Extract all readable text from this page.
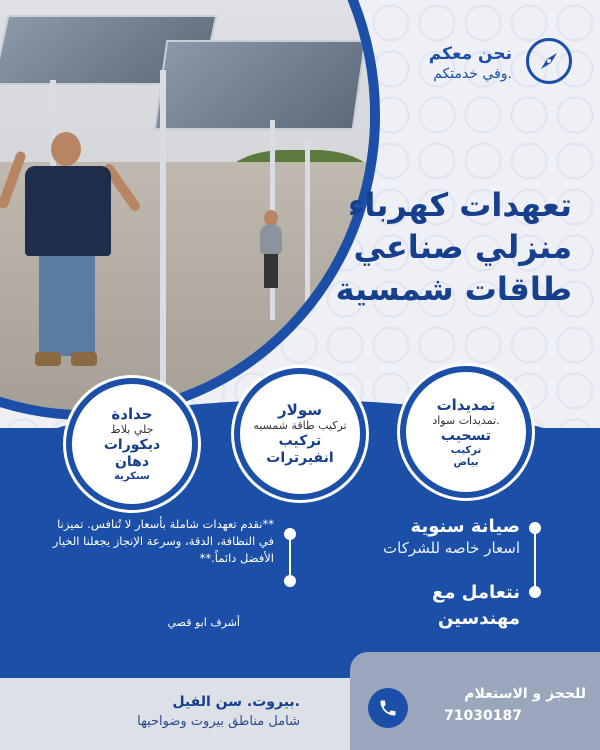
نحن معكم
وفي خدمتكم.
تعهدات كهرباء
منزلي صناعي
طاقات شمسية
حدادة
جلي بلاط
ديكورات
دهان
سنكرية
سولار
تركيب طاقة شمسيه
تركيب
انفيرترات
تمديدات
تمديدات سواد.
تسحيب
تركيب
بياض
**نقدم تعهدات شاملة بأسعار لا تُنافس. تميزنا في النظافة، الدقة، وسرعة الإنجاز يجعلنا الخيار الأفضل دائماً.**
أشرف ابو قصي
صيانة سنوية
اسعار خاصه للشركات
نتعامل مع
مهندسين
بيروت. سن الفيل.
شامل مناطق بيروت وضواحيها
للحجز و الاستعلام
71030187
